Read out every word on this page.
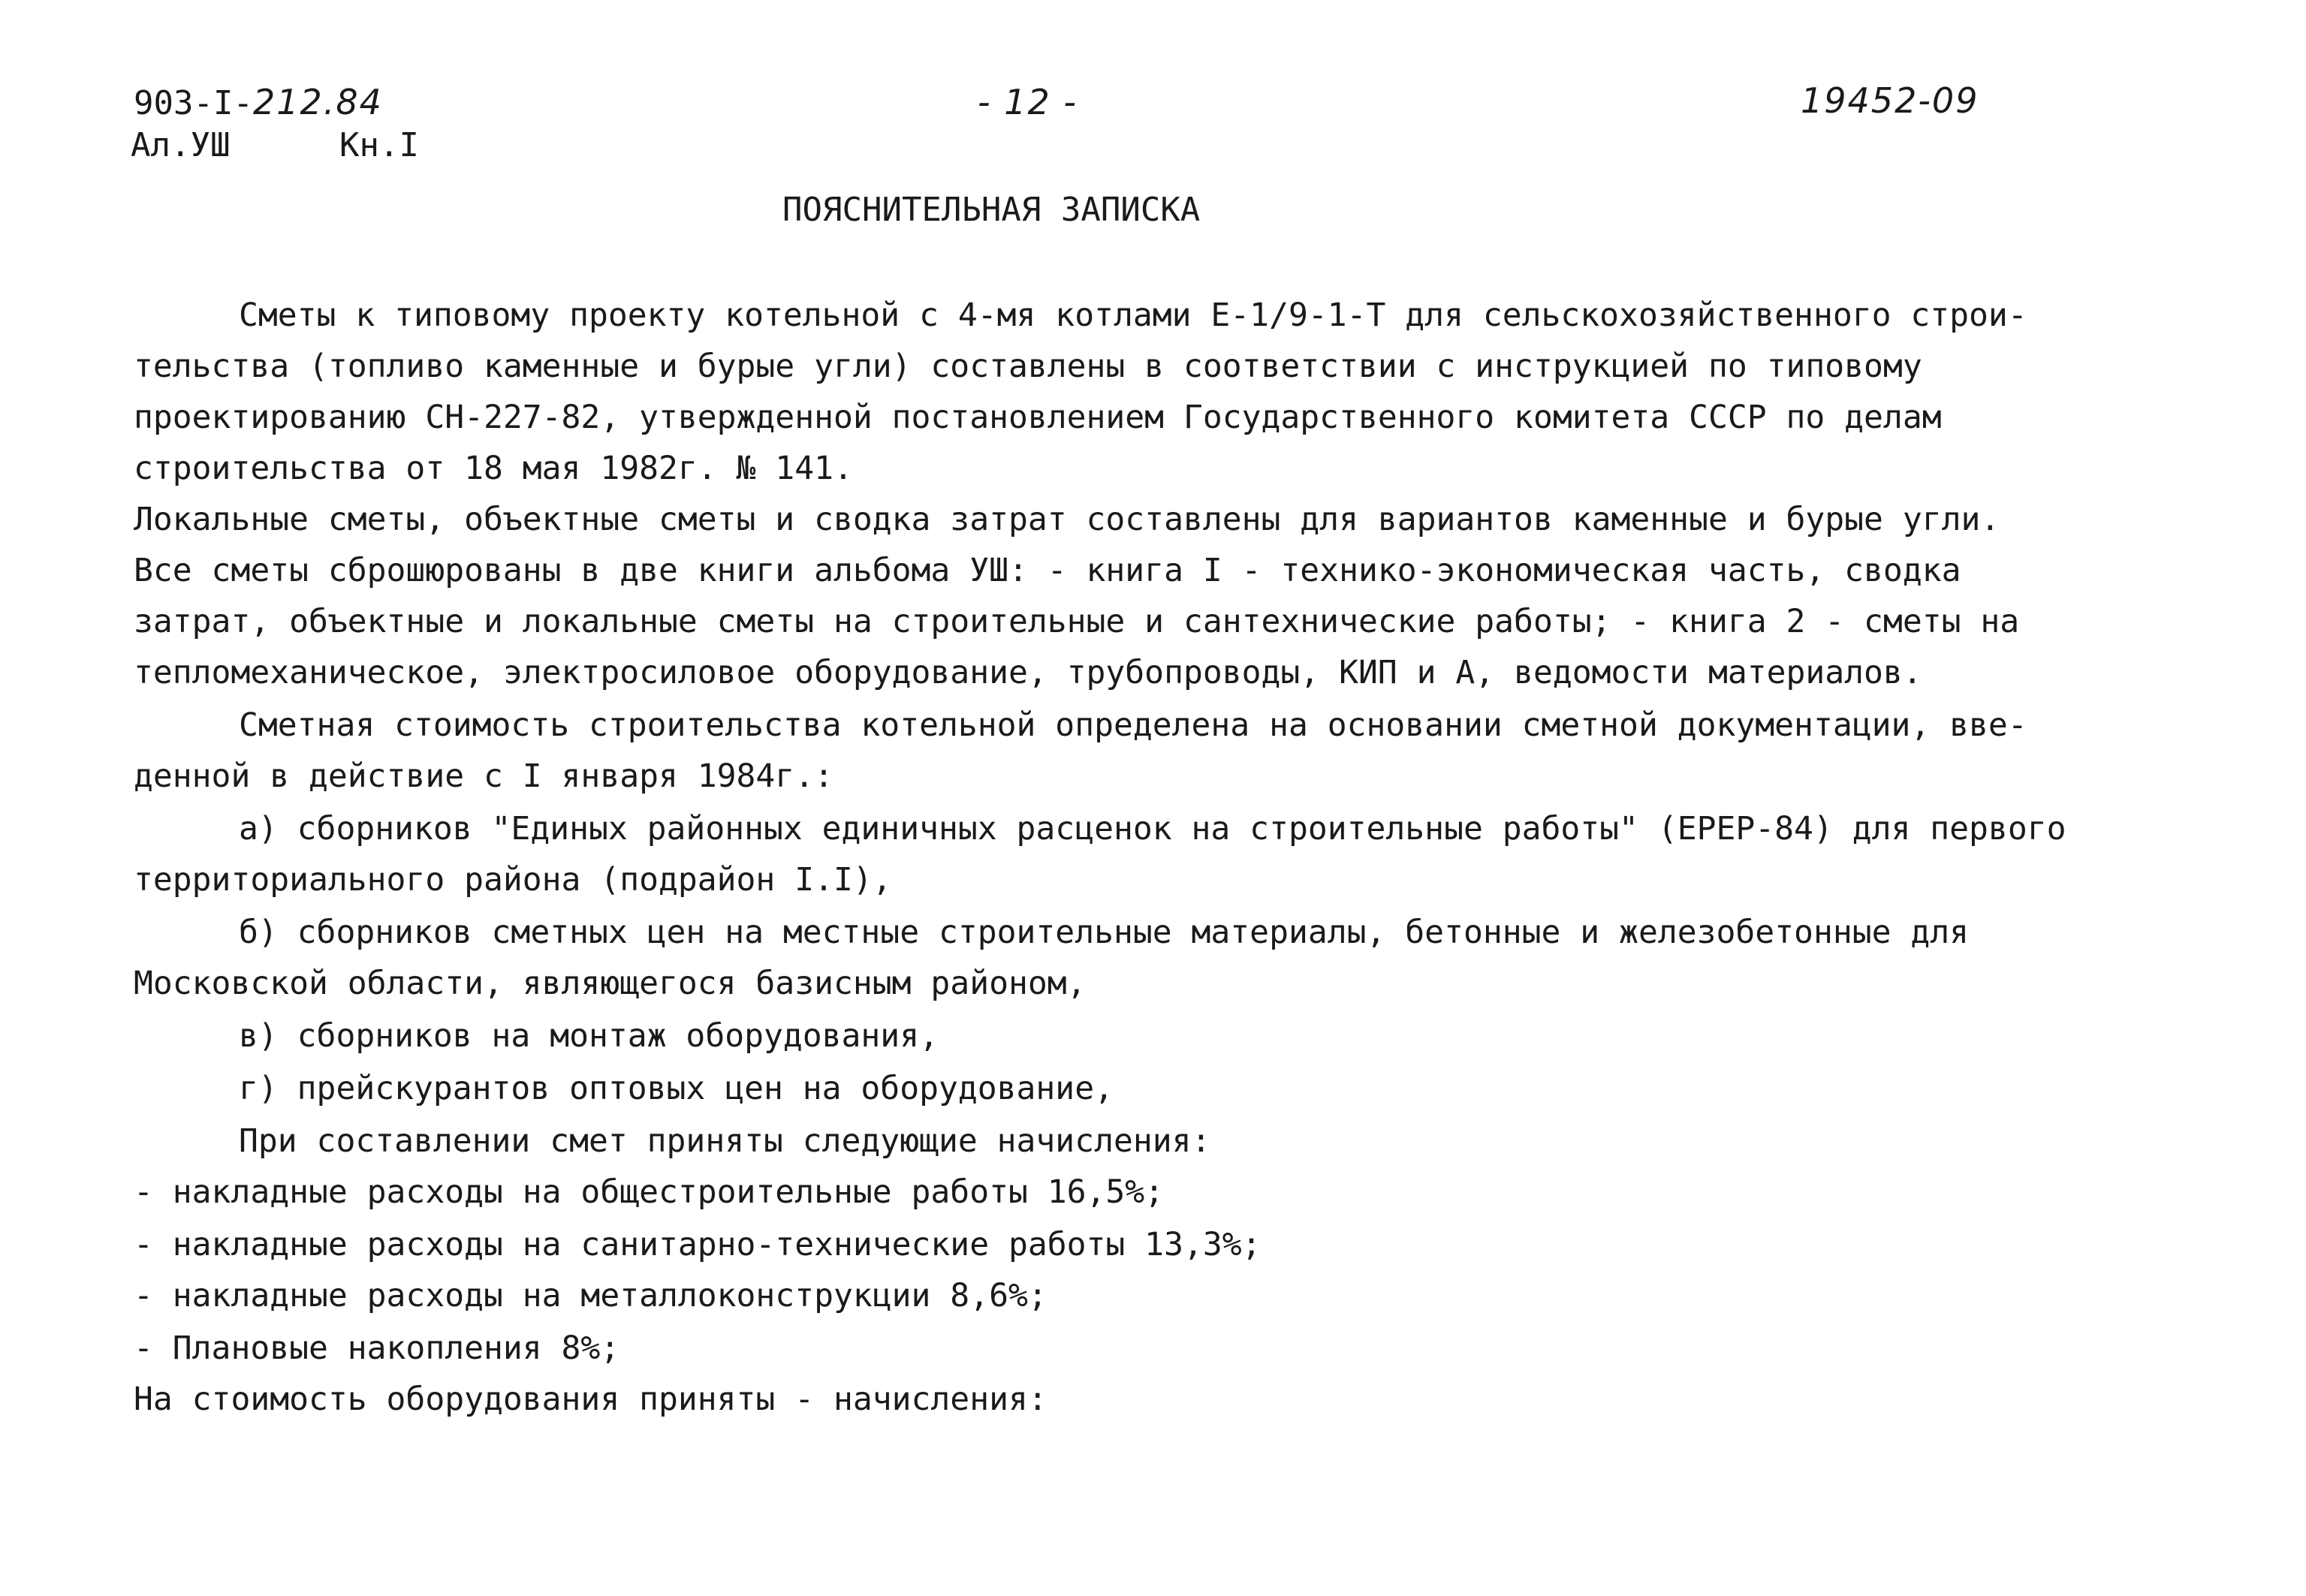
903-I-212.84
Ал.УШ	Кн.I
- 12 -	19452-09
ПОЯСНИТЕЛЬНАЯ ЗАПИСКА
Сметы к типовому проекту котельной с 4-мя котлами Е-1/9-1-Т для сельскохозяйственного строи-
тельства (топливо каменные и бурые угли) составлены в соответствии с инструкцией по типовому
проектированию СН-227-82, утвержденной постановлением Государственного комитета СССР по делам
строительства от 18 мая 1982г. № 141.
Локальные сметы, объектные сметы и сводка затрат составлены для вариантов каменные и бурые угли.
Все сметы сброшюрованы в две книги альбома УШ: - книга I - технико-экономическая часть, сводка
затрат, объектные и локальные сметы на строительные и сантехнические работы; - книга 2 - сметы на
тепломеханическое, электросиловое оборудование, трубопроводы, КИП и А, ведомости материалов.
Сметная стоимость строительства котельной определена на основании сметной документации, вве-
денной в действие с I января 1984г.:
а) сборников "Единых районных единичных расценок на строительные работы" (ЕРЕР-84) для первого
территориального района (подрайон I.I),
б) сборников сметных цен на местные строительные материалы, бетонные и железобетонные для
Московской области, являющегося базисным районом,
в) сборников на монтаж оборудования,
г) прейскурантов оптовых цен на оборудование,
При составлении смет приняты следующие начисления:
- накладные расходы на общестроительные работы 16,5%;
- накладные расходы на санитарно-технические работы 13,3%;
- накладные расходы на металлоконструкции 8,6%;
- Плановые накопления 8%;
На стоимость оборудования приняты - начисления:
